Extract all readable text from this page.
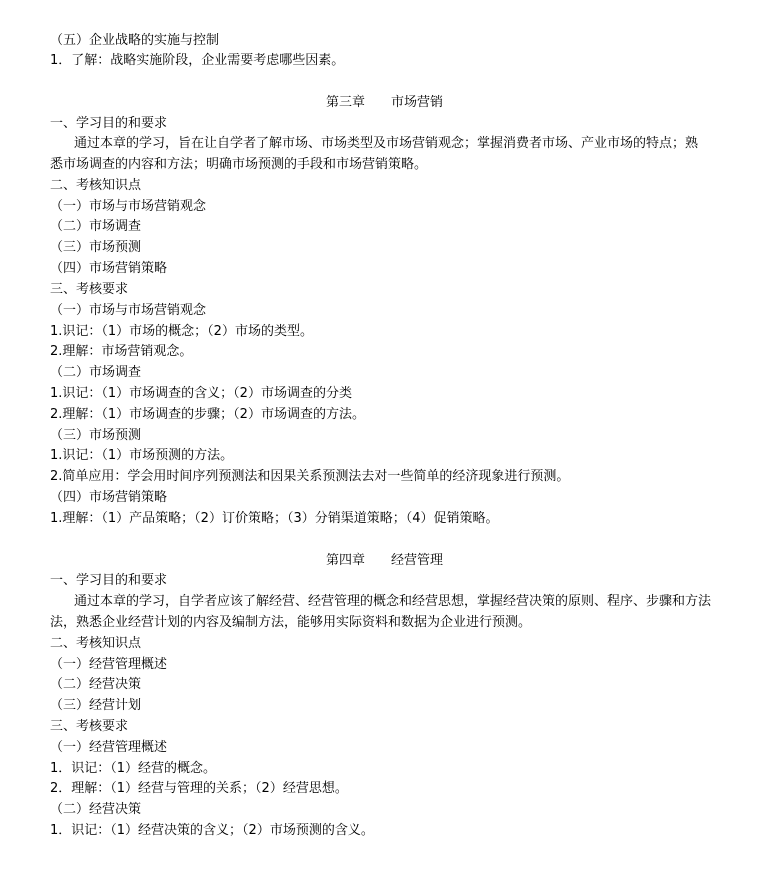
（五）企业战略的实施与控制
1．了解：战略实施阶段，企业需要考虑哪些因素。
第三章 市场营销
一、学习目的和要求
通过本章的学习，旨在让自学者了解市场、市场类型及市场营销观念；掌握消费者市场、产业市场的特点；熟
悉市场调查的内容和方法；明确市场预测的手段和市场营销策略。
二、考核知识点
（一）市场与市场营销观念
（二）市场调查
（三）市场预测
（四）市场营销策略
三、考核要求
（一）市场与市场营销观念
1.识记：（1）市场的概念；（2）市场的类型。
2.理解：市场营销观念。
（二）市场调查
1.识记：（1）市场调查的含义；（2）市场调查的分类
2.理解：（1）市场调查的步骤；（2）市场调查的方法。
（三）市场预测
1.识记：（1）市场预测的方法。
2.简单应用：学会用时间序列预测法和因果关系预测法去对一些简单的经济现象进行预测。
（四）市场营销策略
1.理解：（1）产品策略；（2）订价策略；（3）分销渠道策略；（4）促销策略。
第四章 经营管理
一、学习目的和要求
通过本章的学习，自学者应该了解经营、经营管理的概念和经营思想，掌握经营决策的原则、程序、步骤和方法
法，熟悉企业经营计划的内容及编制方法，能够用实际资料和数据为企业进行预测。
二、考核知识点
（一）经营管理概述
（二）经营决策
（三）经营计划
三、考核要求
（一）经营管理概述
1．识记：（1）经营的概念。
2．理解：（1）经营与管理的关系；（2）经营思想。
（二）经营决策
1．识记：（1）经营决策的含义；（2）市场预测的含义。
